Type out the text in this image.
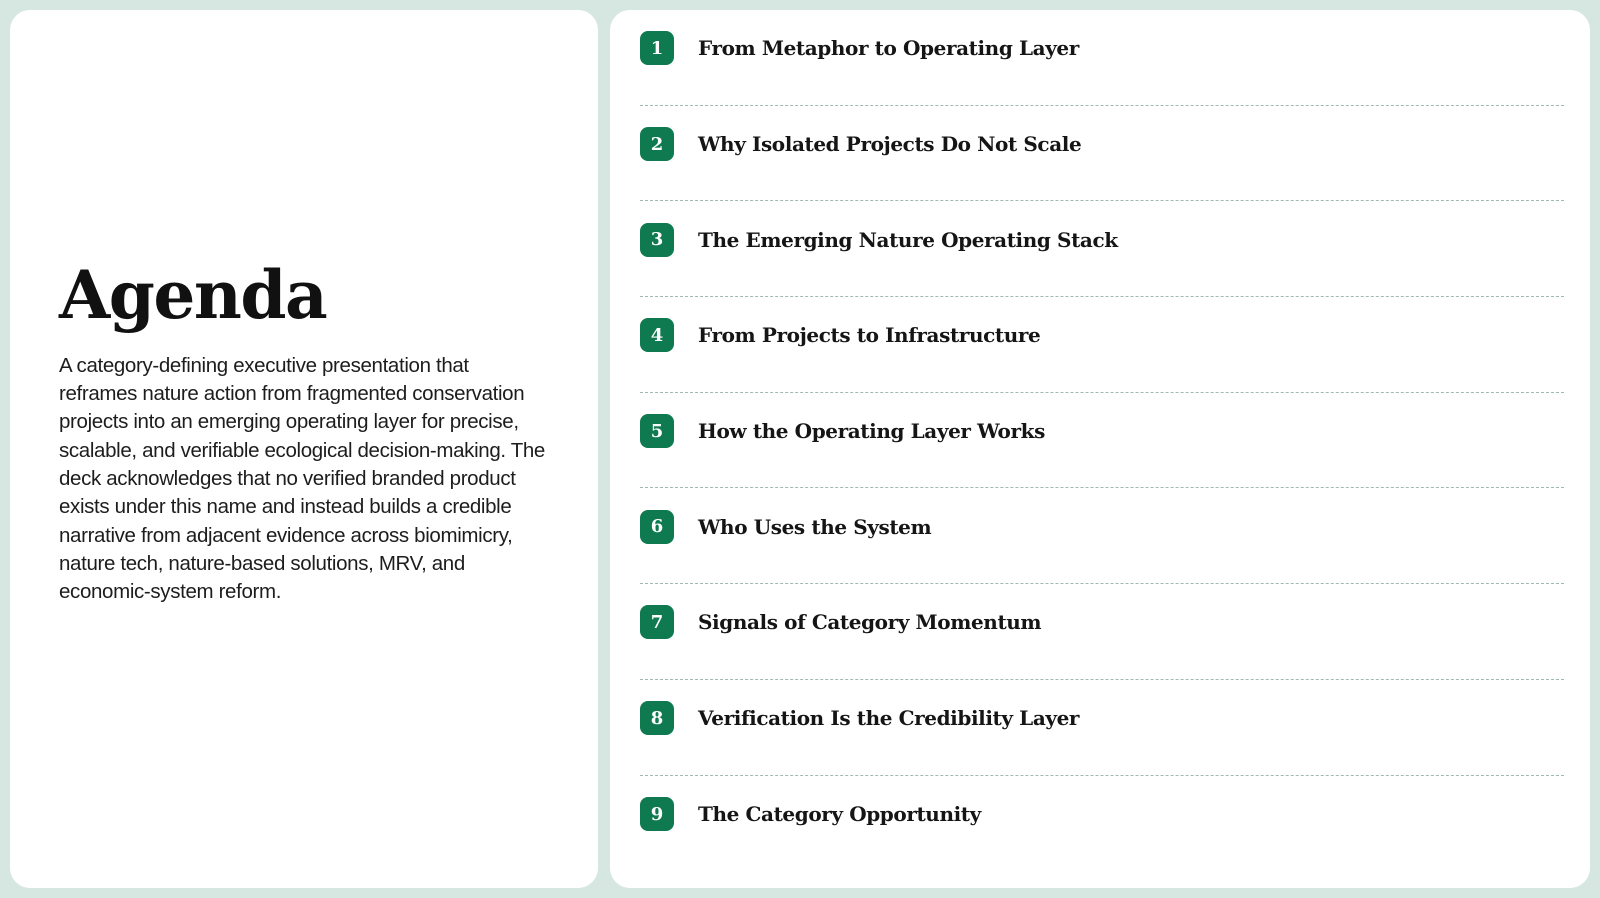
Agenda

A category-defining executive presentation that reframes nature action from fragmented conservation projects into an emerging operating layer for precise, scalable, and verifiable ecological decision-making. The deck acknowledges that no verified branded product exists under this name and instead builds a credible narrative from adjacent evidence across biomimicry, nature tech, nature-based solutions, MRV, and economic-system reform.

1	From Metaphor to Operating Layer
2	Why Isolated Projects Do Not Scale
3	The Emerging Nature Operating Stack
4	From Projects to Infrastructure
5	How the Operating Layer Works
6	Who Uses the System
7	Signals of Category Momentum
8	Verification Is the Credibility Layer
9	The Category Opportunity
